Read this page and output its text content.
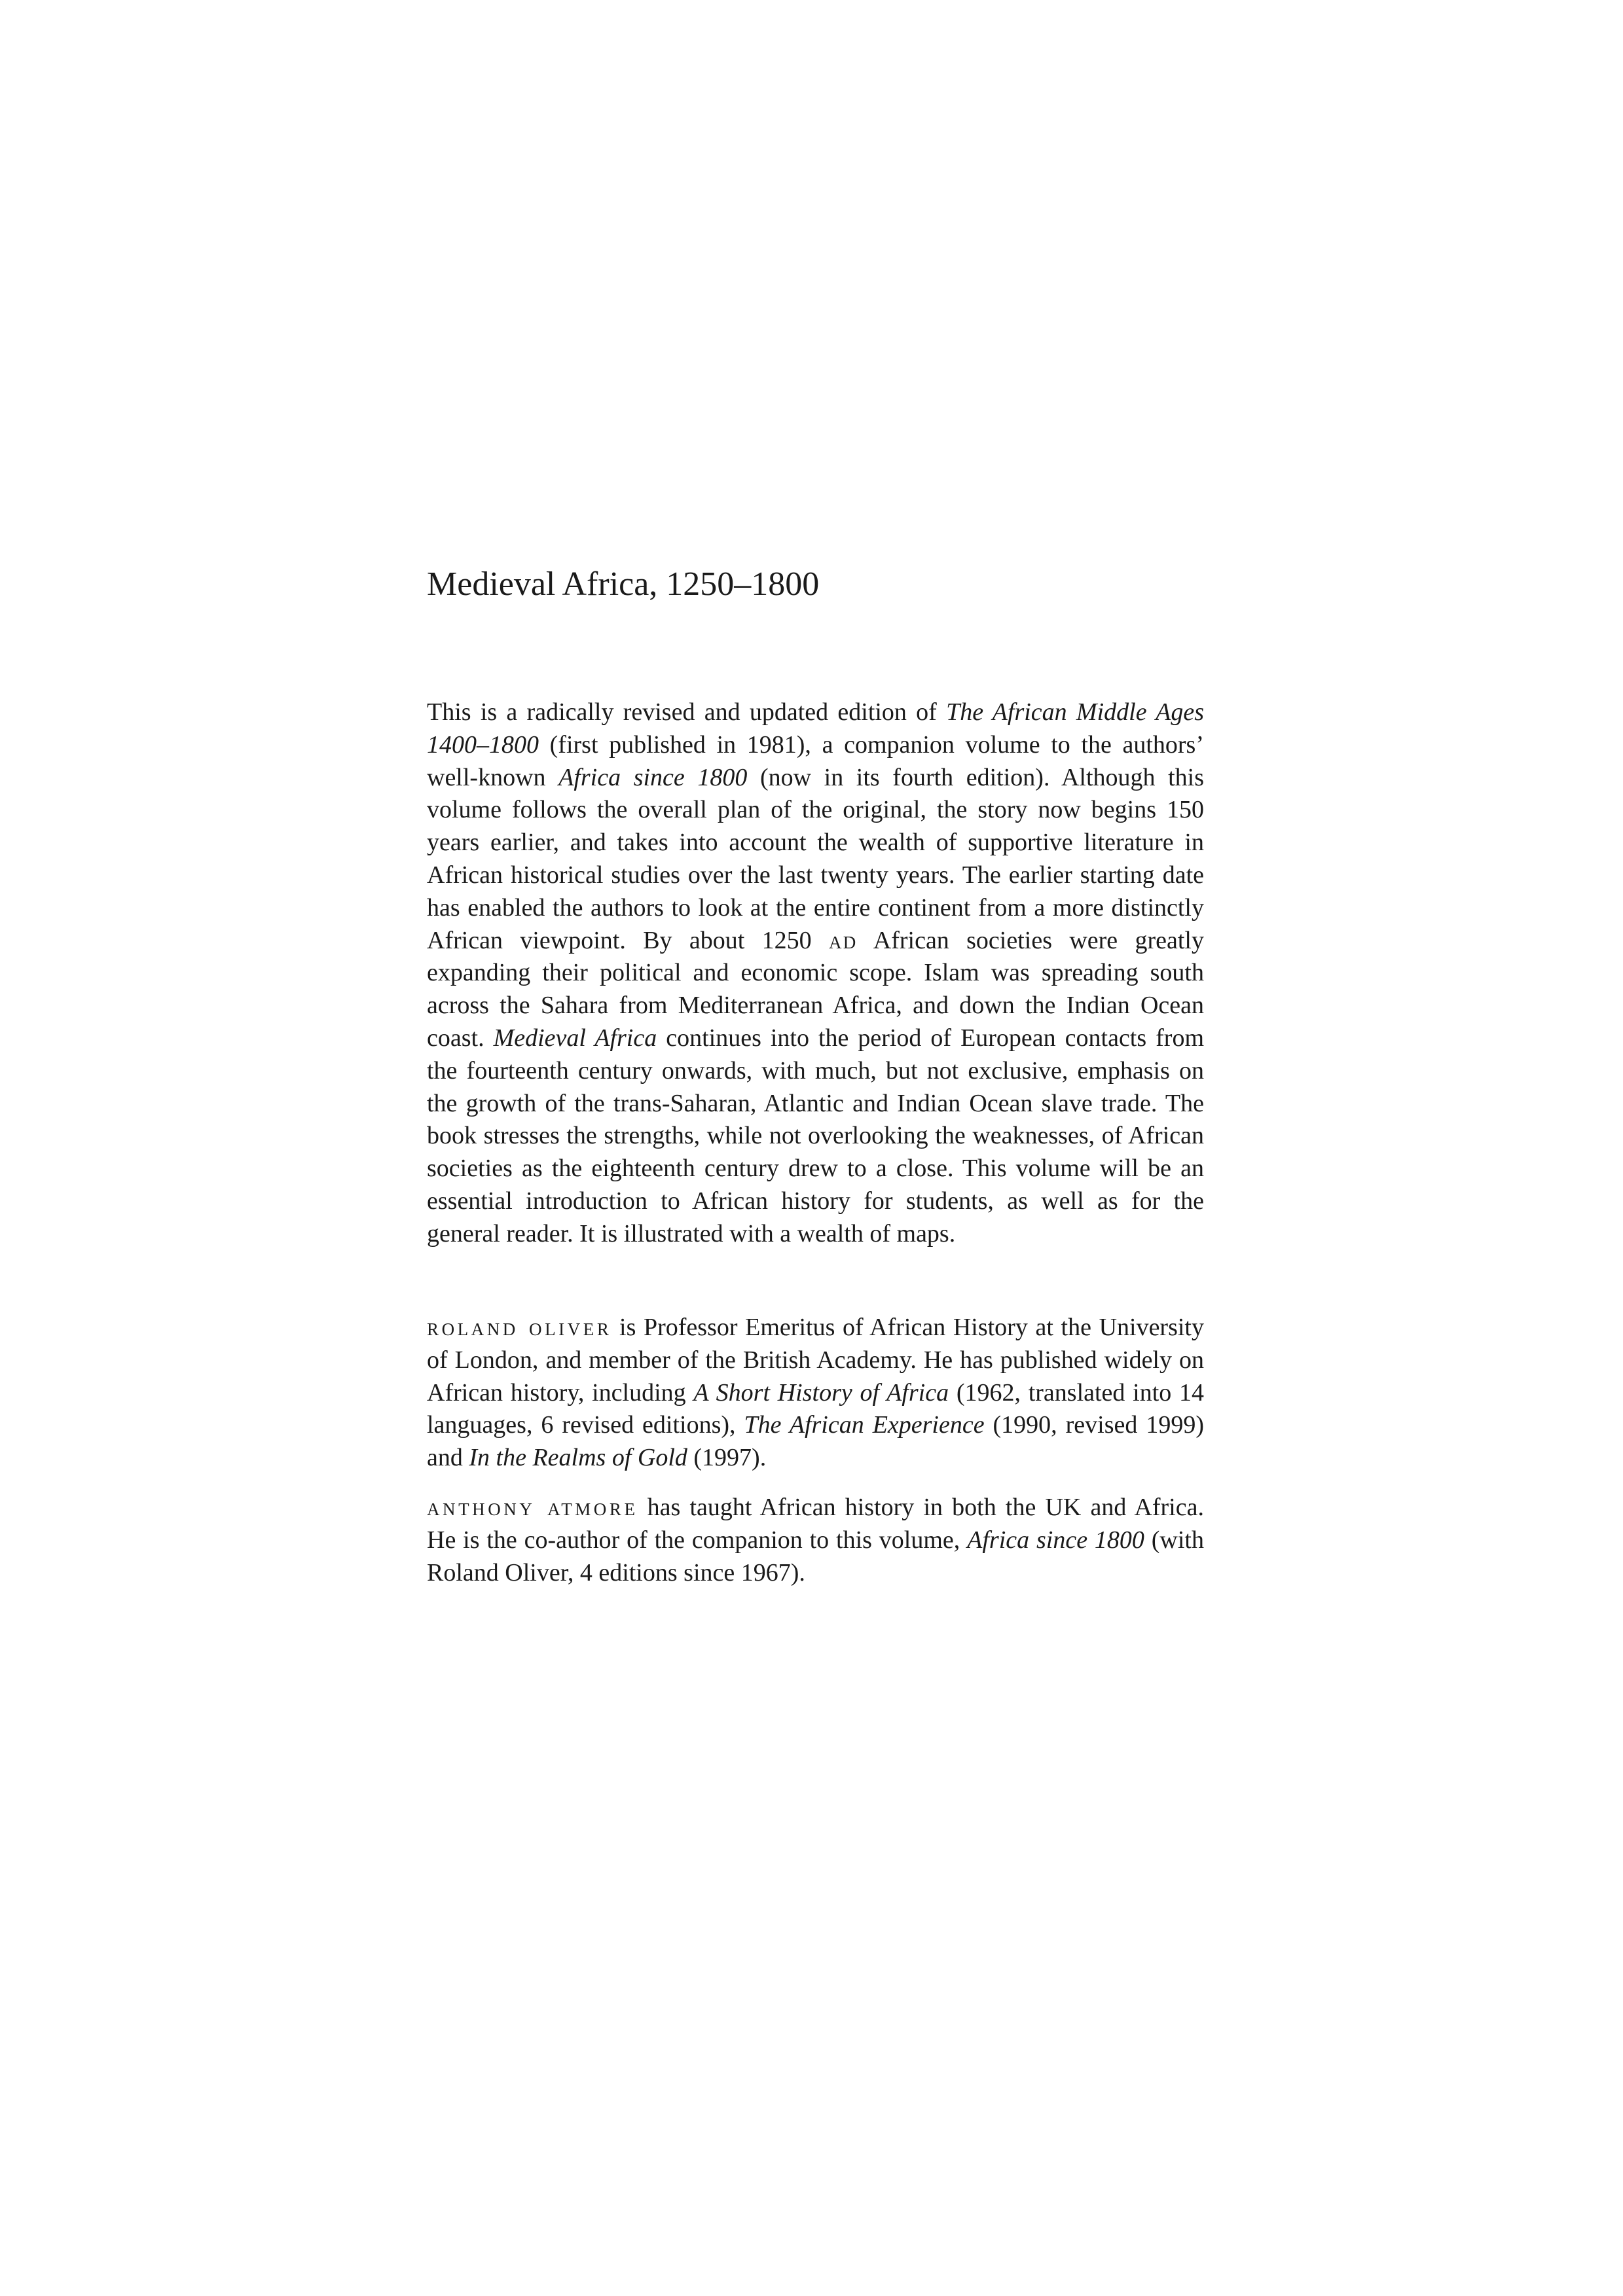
Medieval Africa, 1250–1800

This is a radically revised and updated edition of The African Middle Ages 1400–1800 (first published in 1981), a companion volume to the authors’ well-known Africa since 1800 (now in its fourth edition). Although this volume follows the overall plan of the original, the story now begins 150 years earlier, and takes into account the wealth of supportive literature in African historical studies over the last twenty years. The earlier starting date has enabled the authors to look at the entire continent from a more distinctly African viewpoint. By about 1250 ad African societies were greatly expanding their political and economic scope. Islam was spreading south across the Sahara from Mediterranean Africa, and down the Indian Ocean coast. Medieval Africa continues into the period of European contacts from the fourteenth century onwards, with much, but not exclusive, emphasis on the growth of the trans-Saharan, Atlantic and Indian Ocean slave trade. The book stresses the strengths, while not overlooking the weaknesses, of African societies as the eighteenth century drew to a close. This volume will be an essential introduction to African history for students, as well as for the general reader. It is illustrated with a wealth of maps.

roland oliver is Professor Emeritus of African History at the University of London, and member of the British Academy. He has published widely on African history, including A Short History of Africa (1962, translated into 14 languages, 6 revised editions), The African Experience (1990, revised 1999) and In the Realms of Gold (1997).

anthony atmore has taught African history in both the UK and Africa. He is the co-author of the companion to this volume, Africa since 1800 (with Roland Oliver, 4 editions since 1967).
